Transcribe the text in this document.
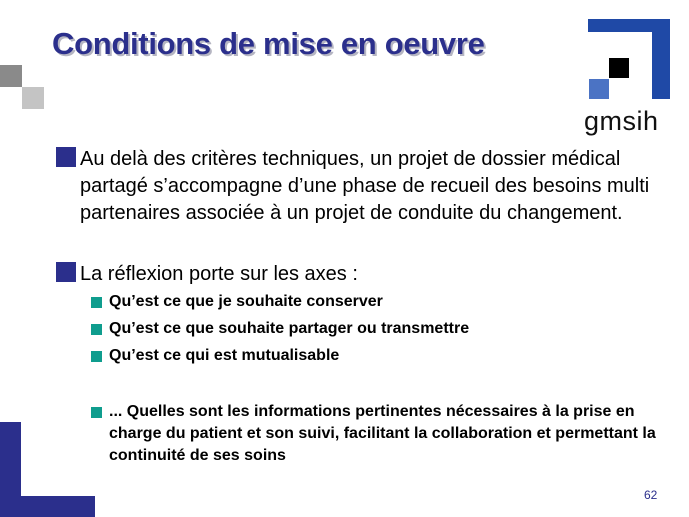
Conditions de mise en oeuvre

gmsih

Au delà des critères techniques, un projet de dossier médical partagé s’accompagne d’une phase de recueil des besoins multi partenaires associée à un projet de conduite du changement.

La réflexion porte sur les axes :

Qu’est ce que je souhaite conserver

Qu’est ce que souhaite partager ou transmettre

Qu’est ce qui est mutualisable

... Quelles sont les informations pertinentes nécessaires à la prise en charge du patient et son suivi, facilitant la collaboration et permettant la continuité de ses soins

62
